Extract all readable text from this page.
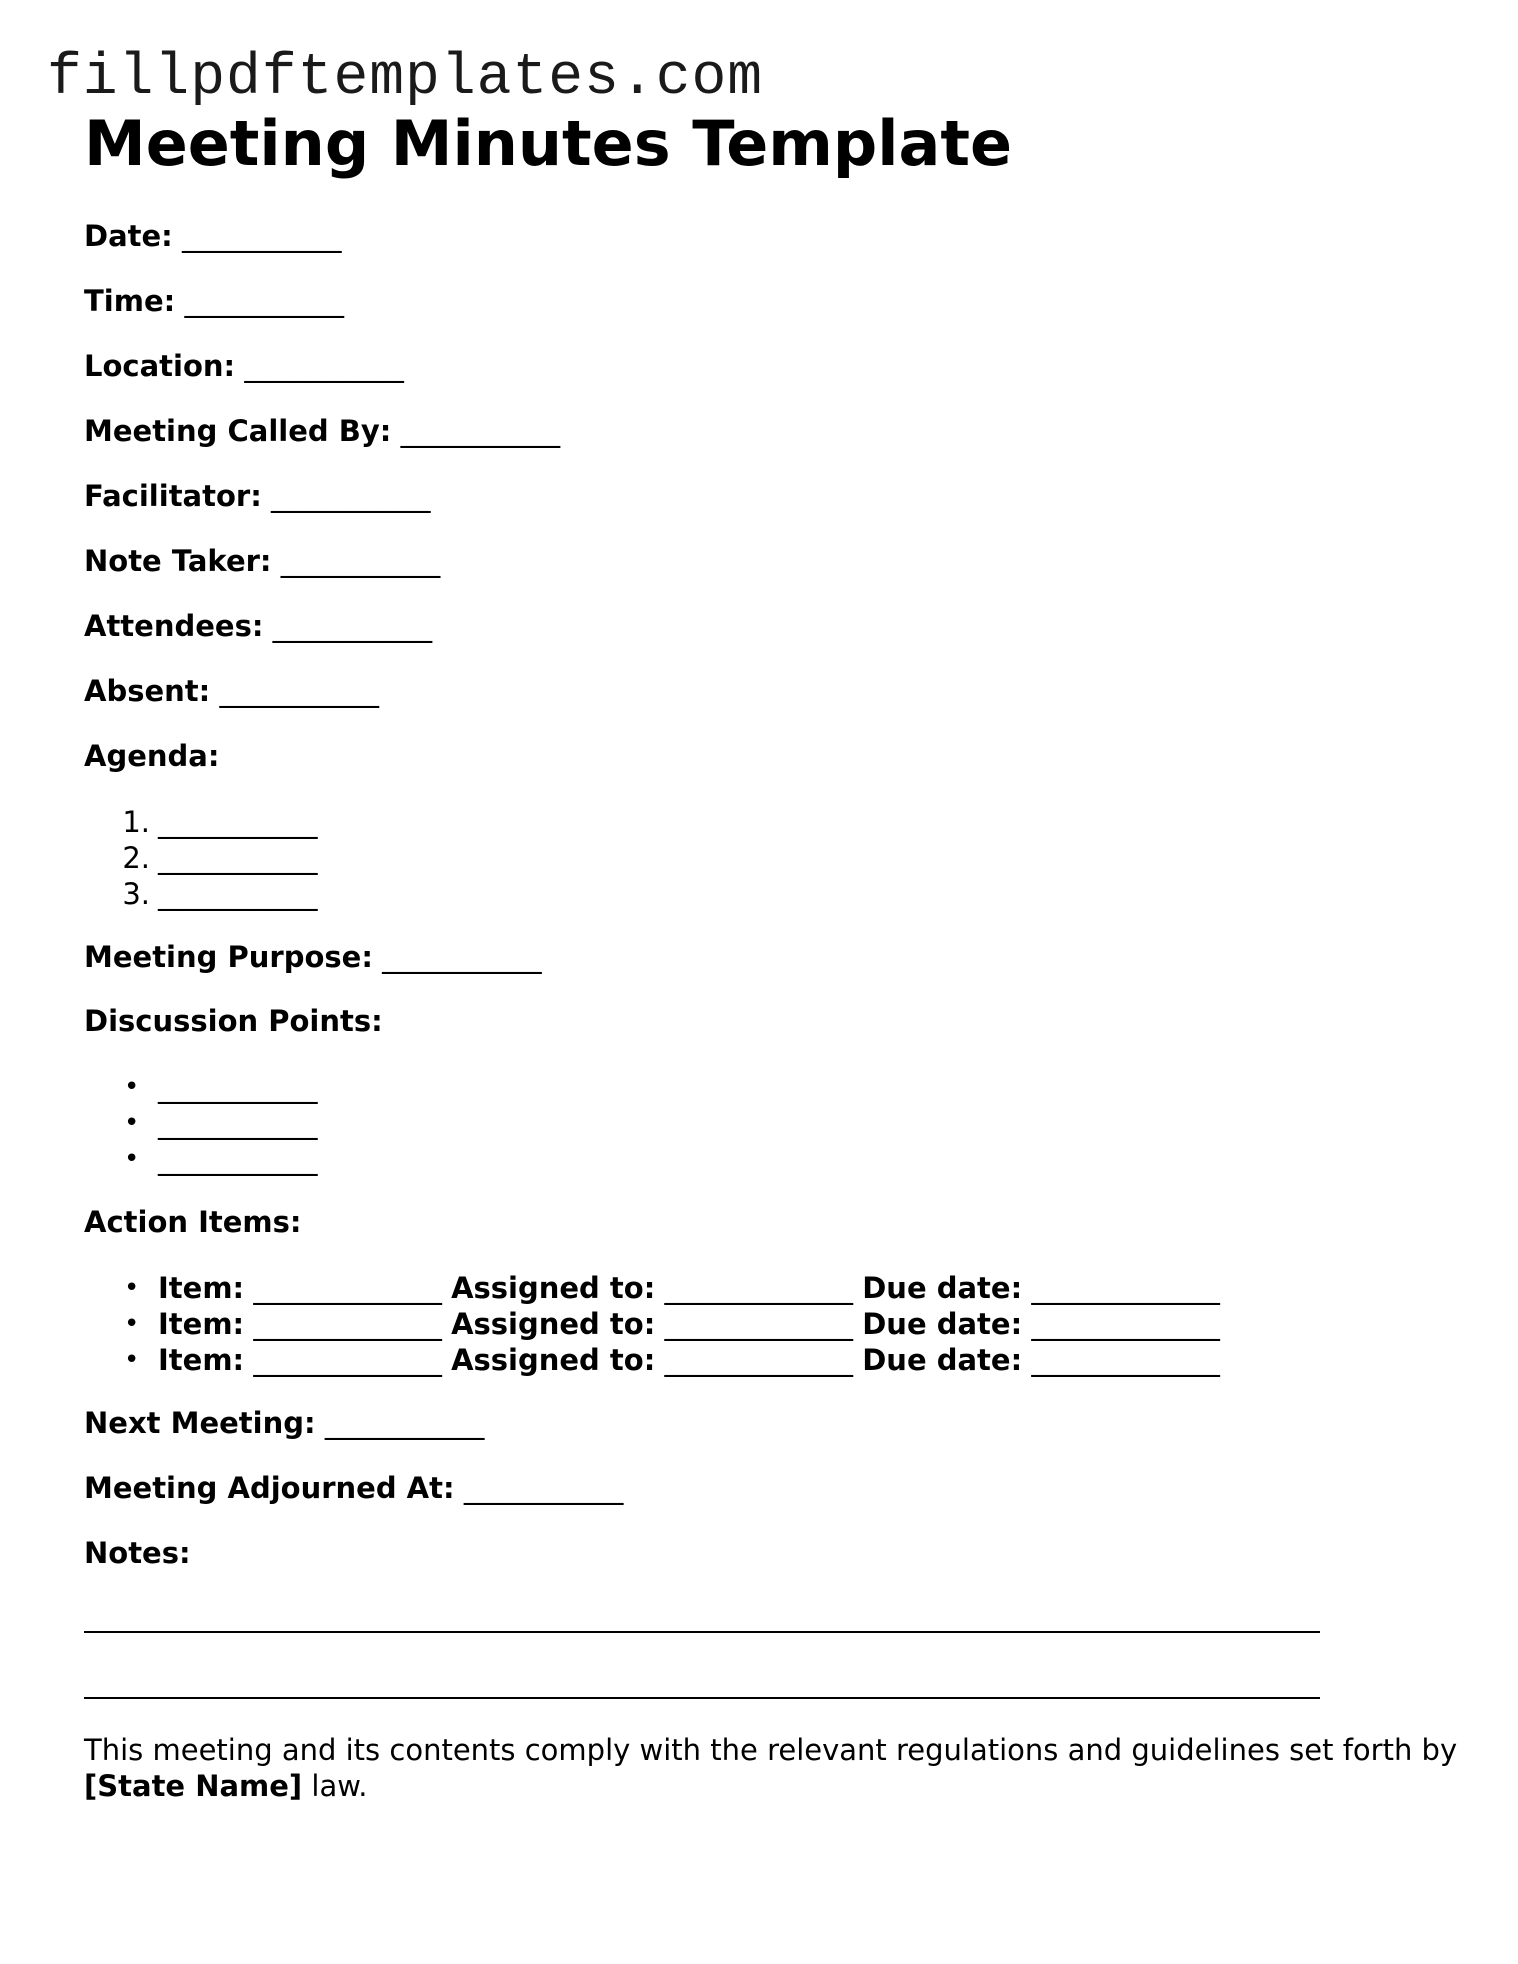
fillpdftemplates.com
Meeting Minutes Template
Date: ___________
Time: ___________
Location: ___________
Meeting Called By: ___________
Facilitator: ___________
Note Taker: ___________
Attendees: ___________
Absent: ___________
Agenda:
1. ___________
2. ___________
3. ___________
Meeting Purpose: ___________
Discussion Points:
• ___________
• ___________
• ___________
Action Items:
• Item: _____________ Assigned to: _____________ Due date: _____________
• Item: _____________ Assigned to: _____________ Due date: _____________
• Item: _____________ Assigned to: _____________ Due date: _____________
Next Meeting: ___________
Meeting Adjourned At: ___________
Notes:

This meeting and its contents comply with the relevant regulations and guidelines set forth by [State Name] law.
